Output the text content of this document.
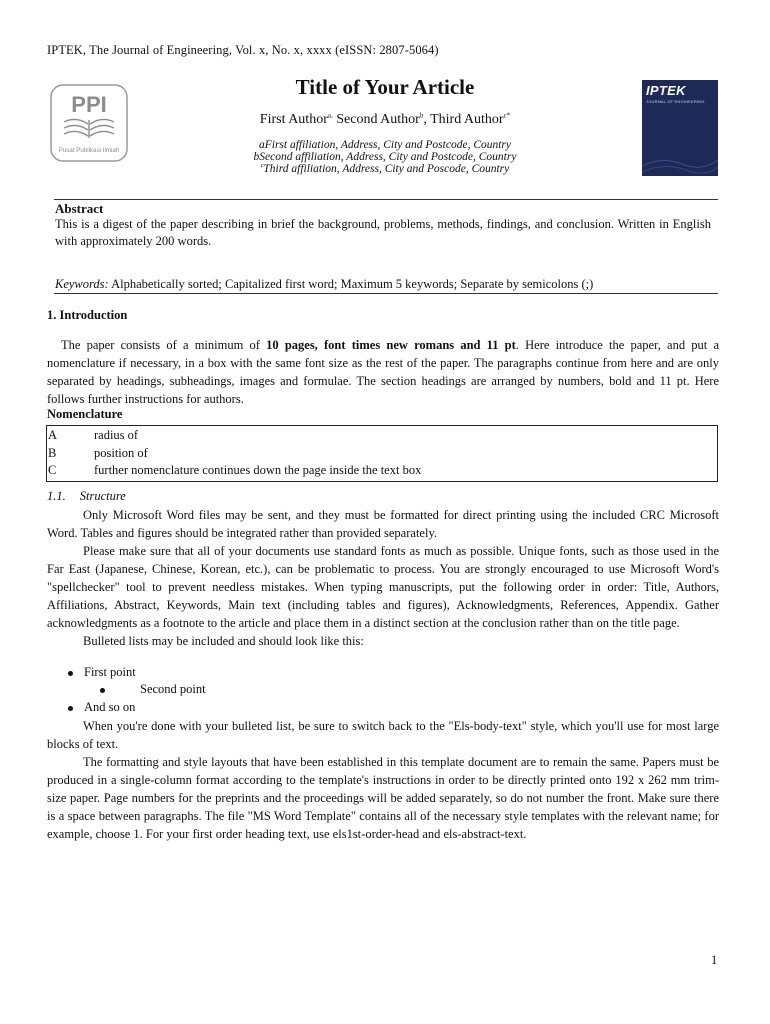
IPTEK, The Journal of Engineering, Vol. x, No. x, xxxx (eISSN: 2807-5064)
PPI
Pusat Publikasi Ilmiah
IPTEK
JOURNAL OF ENGINEERING
Title of Your Article
First Author$^{a,}$ Second Author$^b$, Third Author$^{c*}$
aFirst affiliation, Address, City and Postcode, Country
bSecond affiliation, Address, City and Postcode, Country
$^c$Third affiliation, Address, City and Poscode, Country
Abstract
This is a digest of the paper describing in brief the background, problems, methods, findings, and conclusion. Written in English with approximately 200 words.
Keywords: Alphabetically sorted; Capitalized first word; Maximum 5 keywords; Separate by semicolons (;)
1. Introduction

The paper consists of a minimum of 10 pages, font times new romans and 11 pt. Here introduce the paper, and put a nomenclature if necessary, in a box with the same font size as the rest of the paper. The paragraphs continue from here and are only separated by headings, subheadings, images and formulae. The section headings are arranged by numbers, bold and 11 pt. Here follows further instructions for authors.

Nomenclature
A	radius of
B	position of
C	further nomenclature continues down the page inside the text box
1.1. Structure

Only Microsoft Word files may be sent, and they must be formatted for direct printing using the included CRC Microsoft Word. Tables and figures should be integrated rather than provided separately.

Please make sure that all of your documents use standard fonts as much as possible. Unique fonts, such as those used in the Far East (Japanese, Chinese, Korean, etc.), can be problematic to process. You are strongly encouraged to use Microsoft Word's "spellchecker" tool to prevent needless mistakes. When typing manuscripts, put the following order in order: Title, Authors, Affiliations, Abstract, Keywords, Main text (including tables and figures), Acknowledgments, References, Appendix. Gather acknowledgments as a footnote to the article and place them in a distinct section at the conclusion rather than on the title page.

Bulleted lists may be included and should look like this:

First point
Second point
And so on

When you're done with your bulleted list, be sure to switch back to the "Els-body-text" style, which you'll use for most large blocks of text.

The formatting and style layouts that have been established in this template document are to remain the same. Papers must be produced in a single-column format according to the template's instructions in order to be directly printed onto 192 x 262 mm trim-size paper. Page numbers for the preprints and the proceedings will be added separately, so do not number the front. Make sure there is a space between paragraphs. The file "MS Word Template" contains all of the necessary style templates with the relevant name; for example, choose 1. For your first order heading text, use els1st-order-head and els-abstract-text.

1
